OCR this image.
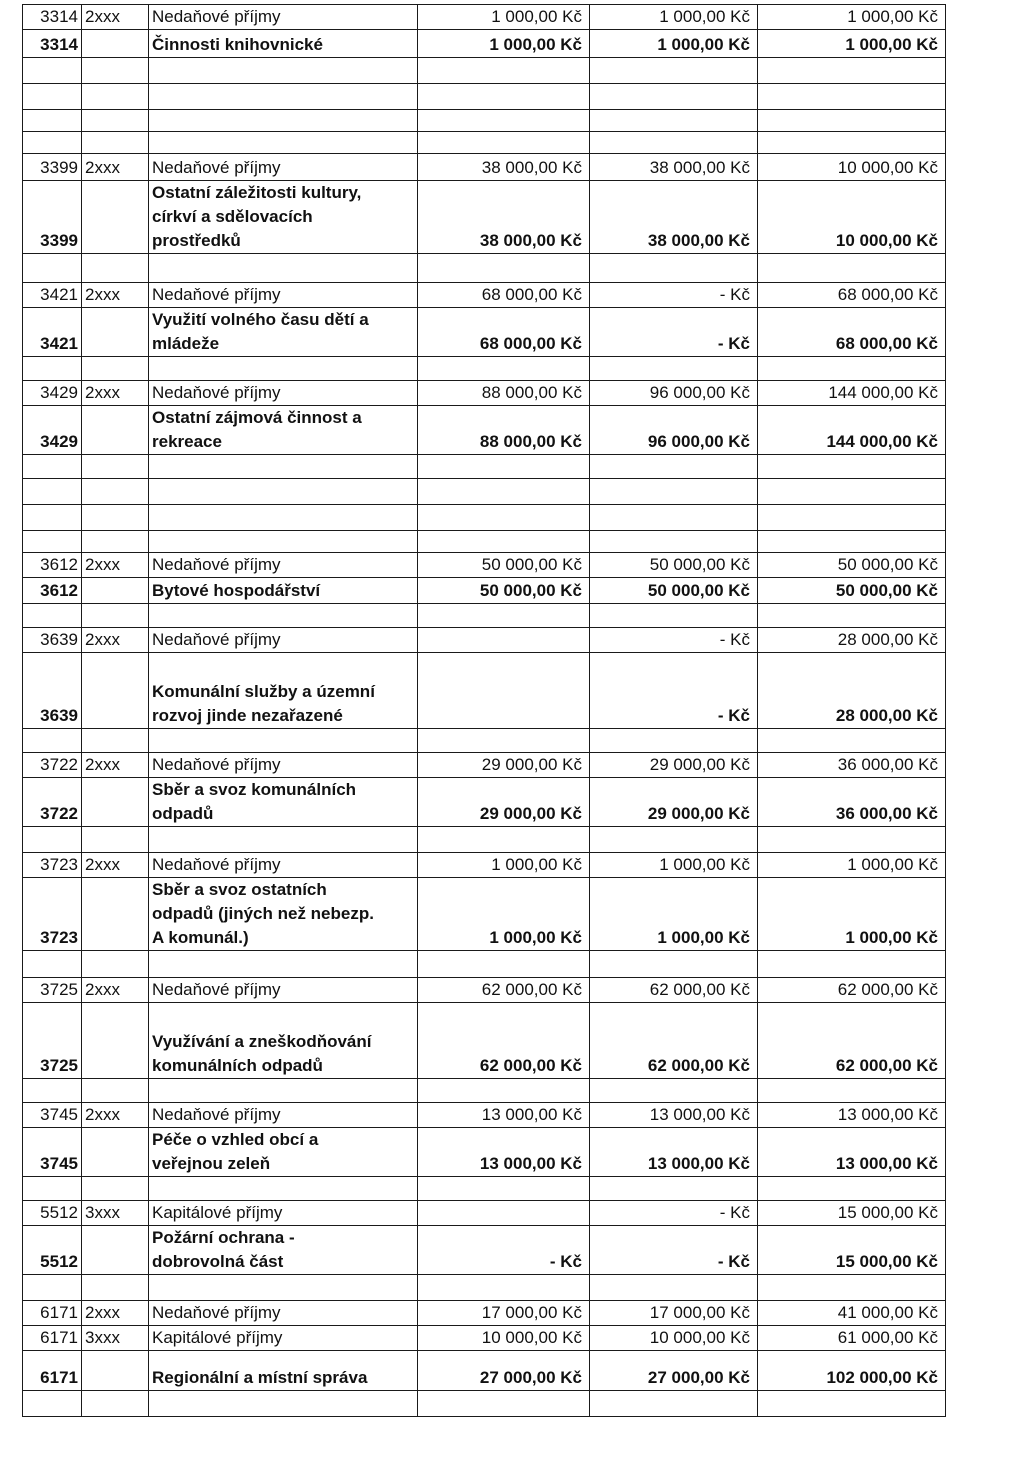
3314	2xxx	Nedaňové příjmy	1 000,00 Kč	1 000,00 Kč	1 000,00 Kč
3314		Činnosti knihovnické	1 000,00 Kč	1 000,00 Kč	1 000,00 Kč

3399	2xxx	Nedaňové příjmy	38 000,00 Kč	38 000,00 Kč	10 000,00 Kč
3399		Ostatní záležitosti kultury,
církví a sdělovacích
prostředků	38 000,00 Kč	38 000,00 Kč	10 000,00 Kč

3421	2xxx	Nedaňové příjmy	68 000,00 Kč	- Kč	68 000,00 Kč
3421		Využití volného času dětí a
mládeže	68 000,00 Kč	- Kč	68 000,00 Kč

3429	2xxx	Nedaňové příjmy	88 000,00 Kč	96 000,00 Kč	144 000,00 Kč
3429		Ostatní zájmová činnost a
rekreace	88 000,00 Kč	96 000,00 Kč	144 000,00 Kč

3612	2xxx	Nedaňové příjmy	50 000,00 Kč	50 000,00 Kč	50 000,00 Kč
3612		Bytové hospodářství	50 000,00 Kč	50 000,00 Kč	50 000,00 Kč

3639	2xxx	Nedaňové příjmy		- Kč	28 000,00 Kč
3639		Komunální služby a územní
rozvoj jinde nezařazené		- Kč	28 000,00 Kč

3722	2xxx	Nedaňové příjmy	29 000,00 Kč	29 000,00 Kč	36 000,00 Kč
3722		Sběr a svoz komunálních
odpadů	29 000,00 Kč	29 000,00 Kč	36 000,00 Kč

3723	2xxx	Nedaňové příjmy	1 000,00 Kč	1 000,00 Kč	1 000,00 Kč
3723		Sběr a svoz ostatních
odpadů (jiných než nebezp.
A komunál.)	1 000,00 Kč	1 000,00 Kč	1 000,00 Kč

3725	2xxx	Nedaňové příjmy	62 000,00 Kč	62 000,00 Kč	62 000,00 Kč
3725		Využívání a zneškodňování
komunálních odpadů	62 000,00 Kč	62 000,00 Kč	62 000,00 Kč

3745	2xxx	Nedaňové příjmy	13 000,00 Kč	13 000,00 Kč	13 000,00 Kč
3745		Péče o vzhled obcí a
veřejnou zeleň	13 000,00 Kč	13 000,00 Kč	13 000,00 Kč

5512	3xxx	Kapitálové příjmy		- Kč	15 000,00 Kč
5512		Požární ochrana -
dobrovolná část	- Kč	- Kč	15 000,00 Kč

6171	2xxx	Nedaňové příjmy	17 000,00 Kč	17 000,00 Kč	41 000,00 Kč
6171	3xxx	Kapitálové příjmy	10 000,00 Kč	10 000,00 Kč	61 000,00 Kč
6171		Regionální a místní správa	27 000,00 Kč	27 000,00 Kč	102 000,00 Kč
